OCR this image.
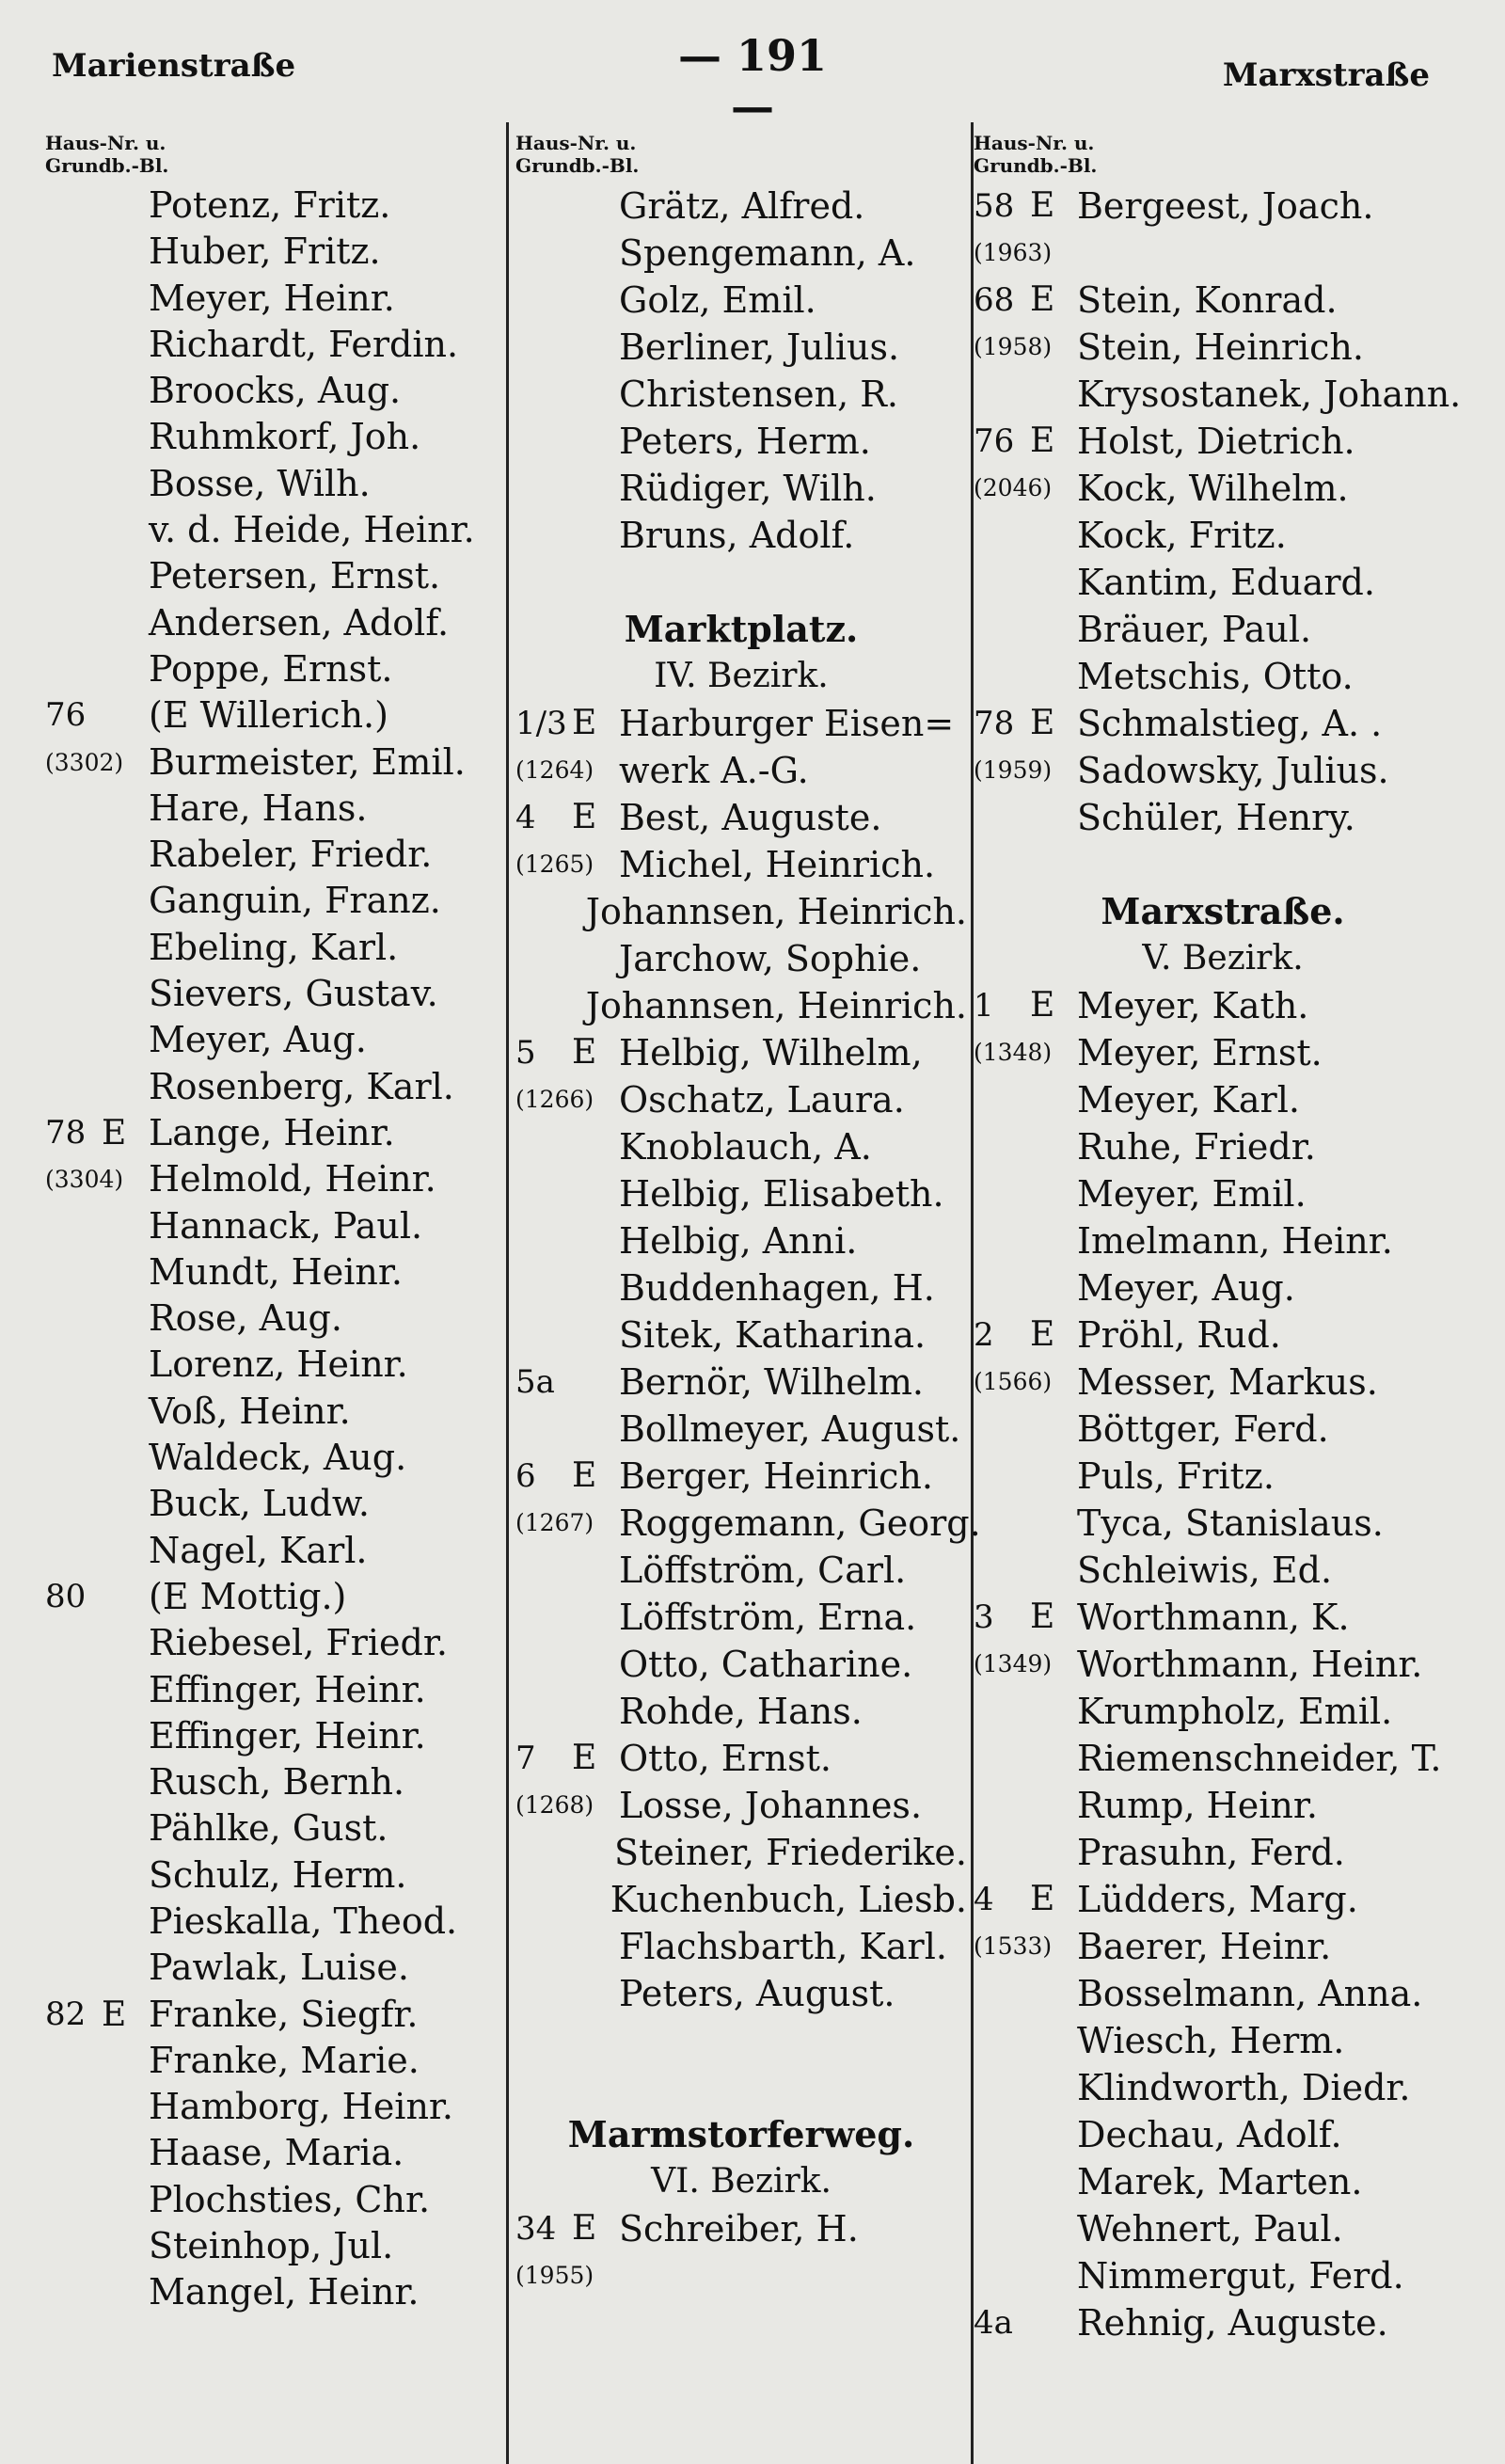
Marienstraße	— 191 —
Marxstraße
Haus-Nr. u.
Grundb.-Bl.
Potenz, Fritz.
Huber, Fritz.
Meyer, Heinr.
Richardt, Ferdin.
Broocks, Aug.
Ruhmkorf, Joh.
Bosse, Wilh.
v. d. Heide, Heinr.
Petersen, Ernst.
Andersen, Adolf.
Poppe, Ernst.
76	(E Willerich.)
(3302) Burmeister, Emil.
Hare, Hans.
Rabeler, Friedr.
Ganguin, Franz.
Ebeling, Karl.
Sievers, Gustav.
Meyer, Aug.
Rosenberg, Karl.
78 E Lange, Heinr.
(3304) Helmold, Heinr.
Hannack, Paul.
Mundt, Heinr.
Rose, Aug.
Lorenz, Heinr.
Voß, Heinr.
Waldeck, Aug.
Buck, Ludw.
Nagel, Karl.
80	(E Mottig.)
Riebesel, Friedr.
Effinger, Heinr.
Effinger, Heinr.
Rusch, Bernh.
Pählke, Gust.
Schulz, Herm.
Pieskalla, Theod.
Pawlak, Luise.
82 E Franke, Siegfr.
Franke, Marie.
Hamborg, Heinr.
Haase, Maria.
Plochsties, Chr.
Steinhop, Jul.
Mangel, Heinr.
Haus-Nr. u.
Grundb.-Bl.
Grätz, Alfred.
Spengemann, A.
Golz, Emil.
Berliner, Julius.
Christensen, R.
Peters, Herm.
Rüdiger, Wilh.
Bruns, Adolf.
Marktplatz.
IV. Bezirk.
1/3 E Harburger Eisen=
(1264) werk A.-G.
4	E Best, Auguste.
(1265) Michel, Heinrich.
Johannsen, Heinrich.
Jarchow, Sophie.
Johannsen, Heinrich.
5	E Helbig, Wilhelm,
(1266) Oschatz, Laura.
Knoblauch, A.
Helbig, Elisabeth.
Helbig, Anni.
Buddenhagen, H.
Sitek, Katharina.
5a	Bernör, Wilhelm.
Bollmeyer, August.
6	E Berger, Heinrich.
(1267) Roggemann, Georg.
Löffström, Carl.
Löffström, Erna.
Otto, Catharine.
Rohde, Hans.
7	E Otto, Ernst.
(1268) Losse, Johannes.
Steiner, Friederike.
Kuchenbuch, Liesb.
Flachsbarth, Karl.
Peters, August.
Marmstorferweg.
VI. Bezirk.
34 E Schreiber, H.
(1955)
Haus-Nr. u.
Grundb.-Bl.
58 E Bergeest, Joach.
(1963)
68 E Stein, Konrad.
(1958) Stein, Heinrich.
Krysostanek, Johann.
76 E Holst, Dietrich.
(2046) Kock, Wilhelm.
Kock, Fritz.
Kantim, Eduard.
Bräuer, Paul.
Metschis, Otto.
78 E Schmalstieg, A. .
(1959) Sadowsky, Julius.
Schüler, Henry.
Marxstraße.
V. Bezirk.
1	E Meyer, Kath.
(1348) Meyer, Ernst.
Meyer, Karl.
Ruhe, Friedr.
Meyer, Emil.
Imelmann, Heinr.
Meyer, Aug.
2	E Pröhl, Rud.
(1566) Messer, Markus.
Böttger, Ferd.
Puls, Fritz.
Tyca, Stanislaus.
Schleiwis, Ed.
3	E Worthmann, K.
(1349) Worthmann, Heinr.
Krumpholz, Emil.
Riemenschneider, T.
Rump, Heinr.
Prasuhn, Ferd.
4	E Lüdders, Marg.
(1533) Baerer, Heinr.
Bosselmann, Anna.
Wiesch, Herm.
Klindworth, Diedr.
Dechau, Adolf.
Marek, Marten.
Wehnert, Paul.
Nimmergut, Ferd.
4a	Rehnig, Auguste.
